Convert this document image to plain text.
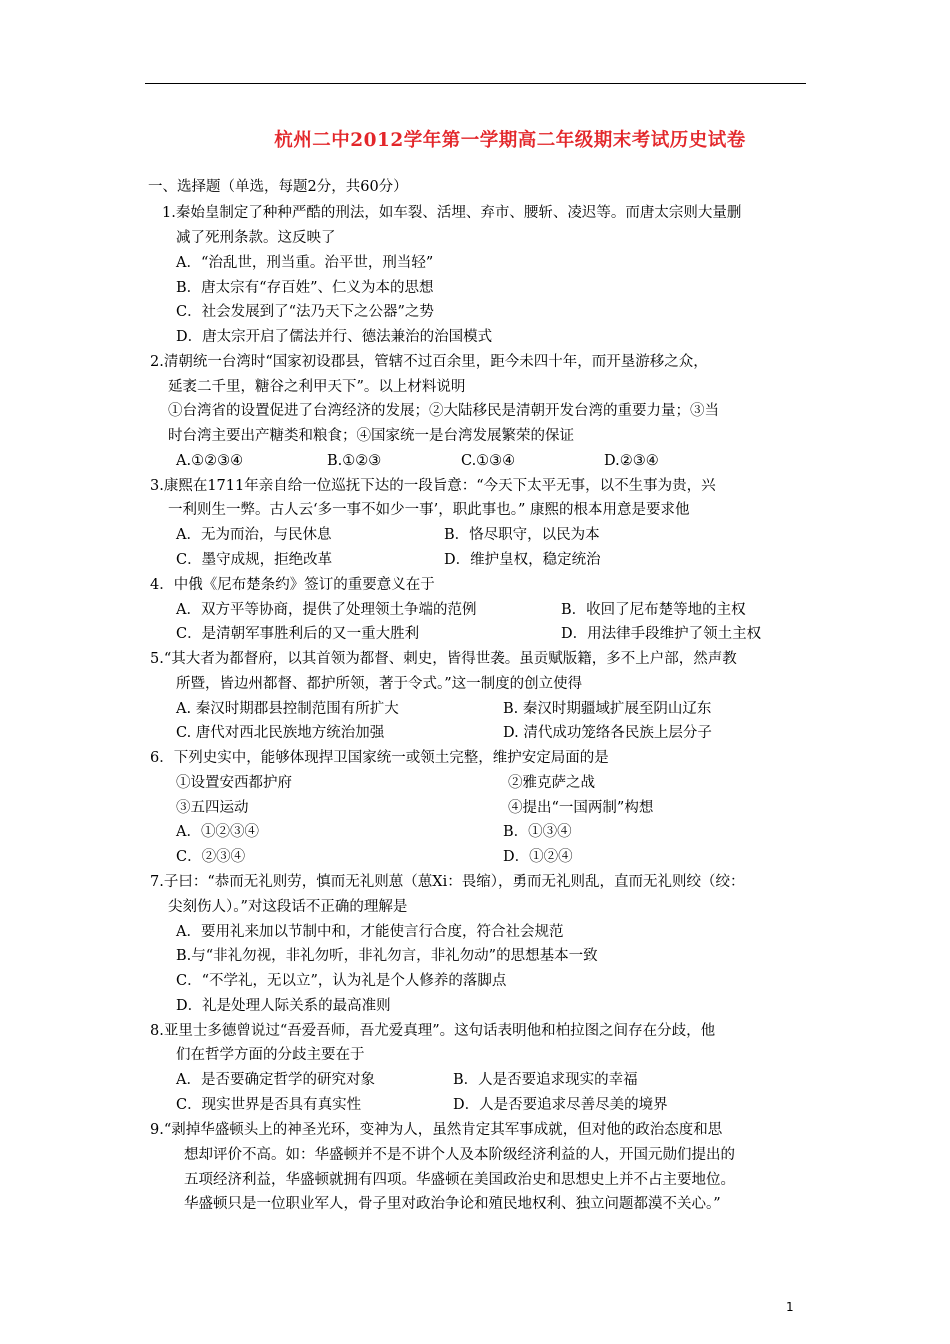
杭州二中2012学年第一学期高二年级期末考试历史试卷
一、选择题（单选，每题2分，共60分）
1.秦始皇制定了种种严酷的刑法，如车裂、活埋、弃市、腰斩、凌迟等。而唐太宗则大量删
减了死刑条款。这反映了
A．“治乱世，刑当重。治平世，刑当轻”
B．唐太宗有“存百姓”、仁义为本的思想
C．社会发展到了“法乃天下之公器”之势
D．唐太宗开启了儒法并行、德法兼治的治国模式
2.清朝统一台湾时“国家初设郡县，管辖不过百余里，距今未四十年，而开垦游移之众，
延袤二千里，糖谷之利甲天下”。以上材料说明
①台湾省的设置促进了台湾经济的发展；②大陆移民是清朝开发台湾的重要力量；③当
时台湾主要出产糖类和粮食；④国家统一是台湾发展繁荣的保证
A.①②③④	B.①②③	C.①③④	D.②③④
3.康熙在1711年亲自给一位巡抚下达的一段旨意：“今天下太平无事，以不生事为贵，兴
一利则生一弊。古人云‘多一事不如少一事’，职此事也。” 康熙的根本用意是要求他
A．无为而治，与民休息	B．恪尽职守，以民为本
C．墨守成规，拒绝改革	D．维护皇权，稳定统治
4．中俄《尼布楚条约》签订的重要意义在于
A．双方平等协商，提供了处理领土争端的范例	B．收回了尼布楚等地的主权
C．是清朝军事胜利后的又一重大胜利	D．用法律手段维护了领土主权
5.“其大者为都督府，以其首领为都督、刺史，皆得世袭。虽贡赋版籍，多不上户部，然声教
所暨，皆边州都督、都护所领，著于令式。”这一制度的创立使得
A. 秦汉时期郡县控制范围有所扩大	B. 秦汉时期疆域扩展至阴山辽东
C. 唐代对西北民族地方统治加强	D. 清代成功笼络各民族上层分子
6．下列史实中，能够体现捍卫国家统一或领土完整，维护安定局面的是
①设置安西都护府	②雅克萨之战
③五四运动	④提出“一国两制”构想
A．①②③④	B．①③④
C．②③④	D．①②④
7.子曰：“恭而无礼则劳，慎而无礼则葸（葸Xi：畏缩），勇而无礼则乱，直而无礼则绞（绞：
尖刻伤人）。”对这段话不正确的理解是
A．要用礼来加以节制中和，才能使言行合度，符合社会规范
B.与“非礼勿视，非礼勿听，非礼勿言，非礼勿动”的思想基本一致
C．“不学礼，无以立”，认为礼是个人修养的落脚点
D．礼是处理人际关系的最高准则
8.亚里士多德曾说过“吾爱吾师，吾尤爱真理”。这句话表明他和柏拉图之间存在分歧，他
们在哲学方面的分歧主要在于
A．是否要确定哲学的研究对象	B．人是否要追求现实的幸福
C．现实世界是否具有真实性	D．人是否要追求尽善尽美的境界
9.“剥掉华盛顿头上的神圣光环，变神为人，虽然肯定其军事成就，但对他的政治态度和思
想却评价不高。如：华盛顿并不是不讲个人及本阶级经济利益的人，开国元勋们提出的
五项经济利益，华盛顿就拥有四项。华盛顿在美国政治史和思想史上并不占主要地位。
华盛顿只是一位职业军人，骨子里对政治争论和殖民地权利、独立问题都漠不关心。”
1
